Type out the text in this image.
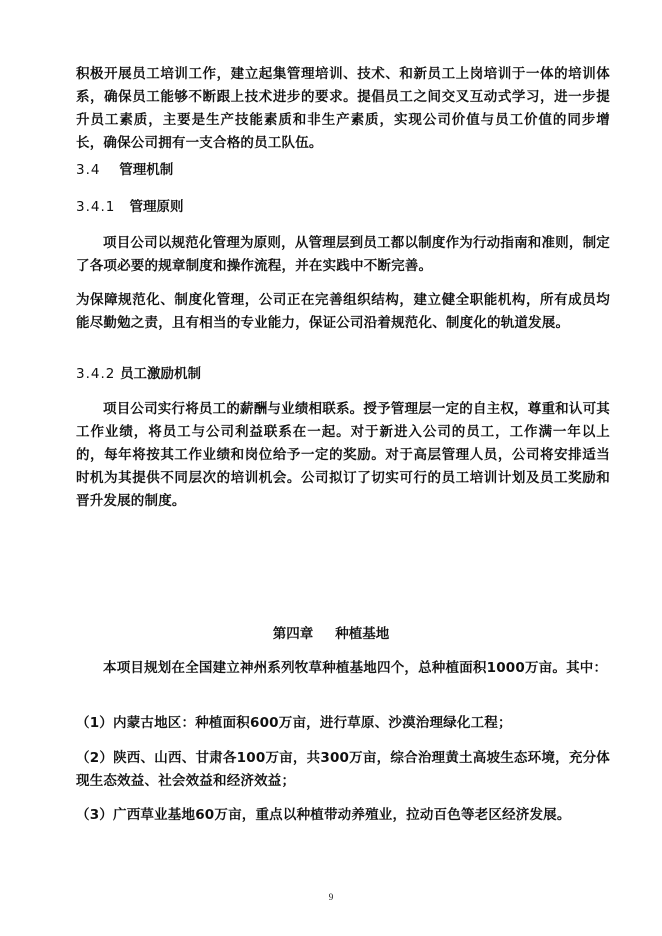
积极开展员工培训工作，建立起集管理培训、技术、和新员工上岗培训于一体的培训体系，确保员工能够不断跟上技术进步的要求。提倡员工之间交叉互动式学习，进一步提升员工素质，主要是生产技能素质和非生产素质，实现公司价值与员工价值的同步增长，确保公司拥有一支合格的员工队伍。
3.4 管理机制
3.4.1 管理原则
项目公司以规范化管理为原则，从管理层到员工都以制度作为行动指南和准则，制定了各项必要的规章制度和操作流程，并在实践中不断完善。
为保障规范化、制度化管理，公司正在完善组织结构，建立健全职能机构，所有成员均能尽勤勉之责，且有相当的专业能力，保证公司沿着规范化、制度化的轨道发展。
3.4.2 员工激励机制
项目公司实行将员工的薪酬与业绩相联系。授予管理层一定的自主权，尊重和认可其工作业绩，将员工与公司利益联系在一起。对于新进入公司的员工，工作满一年以上的，每年将按其工作业绩和岗位给予一定的奖励。对于高层管理人员，公司将安排适当时机为其提供不同层次的培训机会。公司拟订了切实可行的员工培训计划及员工奖励和晋升发展的制度。
第四章 种植基地
本项目规划在全国建立神州系列牧草种植基地四个，总种植面积1000万亩。其中：
（1）内蒙古地区：种植面积600万亩，进行草原、沙漠治理绿化工程；
（2）陕西、山西、甘肃各100万亩，共300万亩，综合治理黄土高坡生态环境，充分体现生态效益、社会效益和经济效益；
（3）广西草业基地60万亩，重点以种植带动养殖业，拉动百色等老区经济发展。
9
